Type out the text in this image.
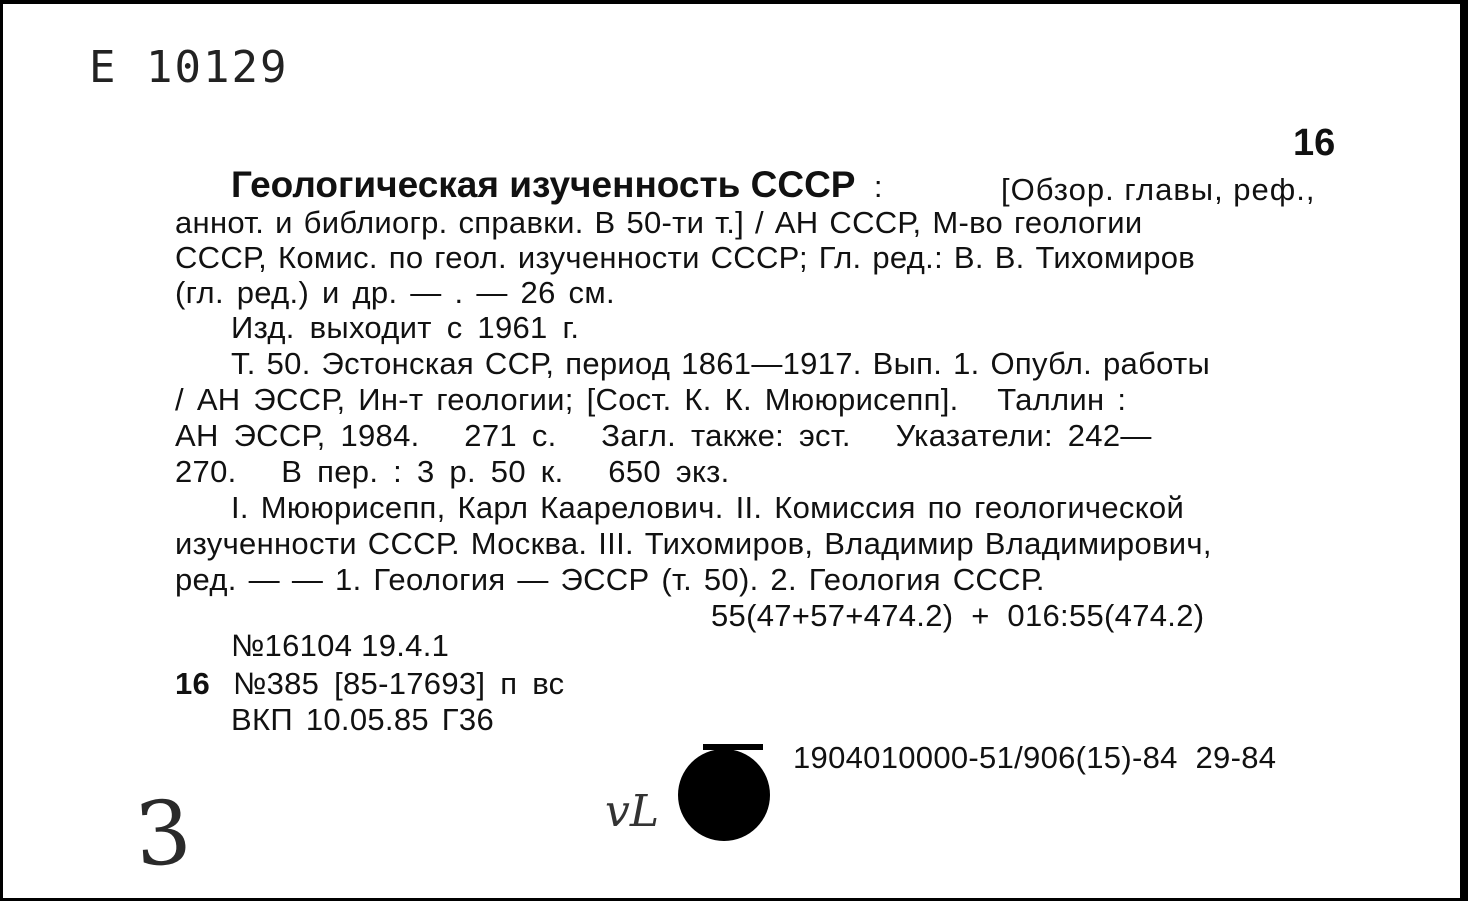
E 10129
16
Геологическая изученность СССР :	[Обзор. главы, реф.,
аннот. и библиогр. справки. В 50-ти т.] / АН СССР, М-во геологии
СССР, Комис. по геол. изученности СССР; Гл. ред.: В. В. Тихомиров
(гл. ред.) и др. — . — 26 см.
Изд. выходит с 1961 г.
Т. 50. Эстонская ССР, период 1861—1917. Вып. 1. Опубл. работы
/ АН ЭССР, Ин-т геологии; [Сост. К. К. Мююрисепп].   Таллин :
АН ЭССР, 1984.   271 с.   Загл. также: эст.   Указатели: 242—
270.   В пер. : 3 р. 50 к.   650 экз.
I. Мююрисепп, Карл Каарелович. II. Комиссия по геологической
изученности СССР. Москва. III. Тихомиров, Владимир Владимирович,
ред. — — 1. Геология — ЭССР (т. 50). 2. Геология СССР.
55(47+57+474.2)  +  016:55(474.2)
№16104 19.4.1
16 №385 [85-17693] п вс
ВКП 10.05.85 Г36
1904010000-51/906(15)-84  29-84
3	vL
